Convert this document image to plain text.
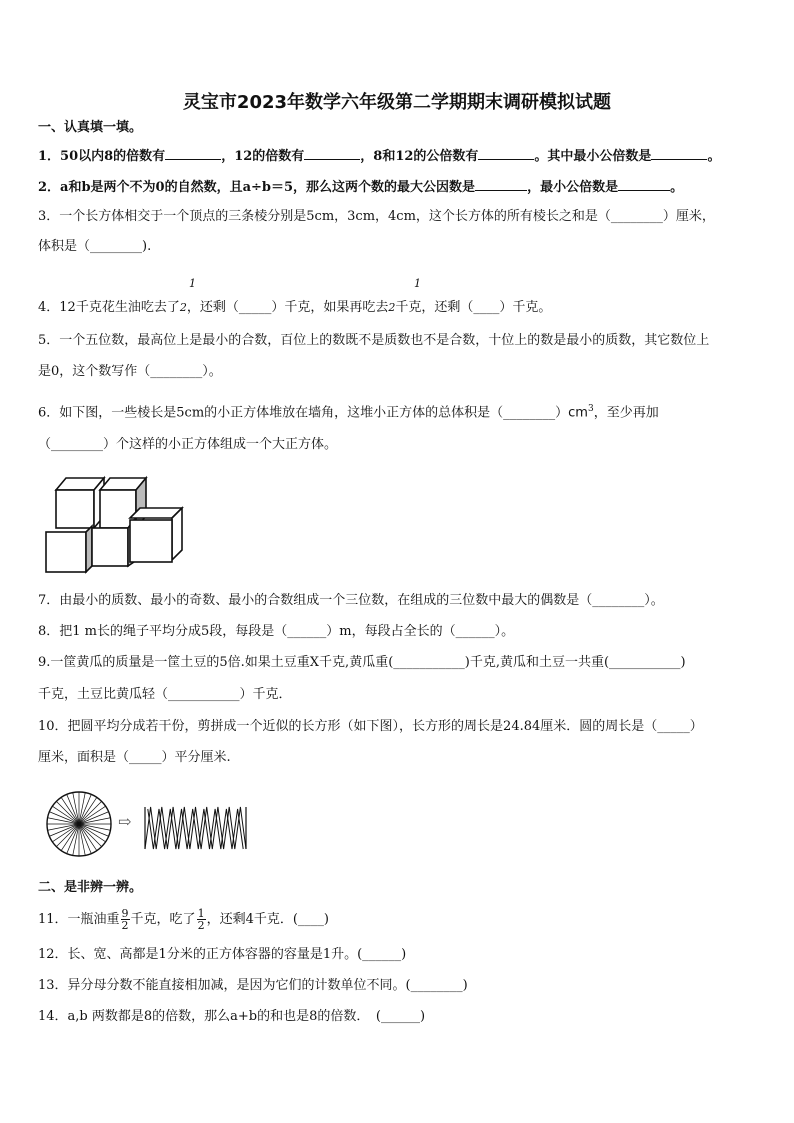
灵宝市2023年数学六年级第二学期期末调研模拟试题
一、认真填一填。
1．50以内8的倍数有	，12的倍数有	，8和12的公倍数有	。其中最小公倍数是	。
2．a和b是两个不为0的自然数，且a÷b＝5，那么这两个数的最大公因数是	，最小公倍数是	。
3．一个长方体相交于一个顶点的三条棱分别是5cm，3cm，4cm，这个长方体的所有棱长之和是（________）厘米，
体积是（________).
1	1
4．12千克花生油吃去了2，还剩（_____）千克，如果再吃去2千克，还剩（____）千克。
5．一个五位数，最高位上是最小的合数，百位上的数既不是质数也不是合数，十位上的数是最小的质数，其它数位上
是0，这个数写作（________）。
6．如下图，一些棱长是5cm的小正方体堆放在墙角，这堆小正方体的总体积是$(\_\_\_\_\_\_\_\_)cm^3$，至少再加
（________）个这样的小正方体组成一个大正方体。
7．由最小的质数、最小的奇数、最小的合数组成一个三位数，在组成的三位数中最大的偶数是（________）。
8．把1 m长的绳子平均分成5段，每段是（______）m，每段占全长的（______）。
9.一筐黄瓜的质量是一筐土豆的5倍.如果土豆重X千克,黄瓜重(___________)千克,黄瓜和土豆一共重(___________)
千克，土豆比黄瓜轻（___________）千克．
10．把圆平均分成若干份，剪拼成一个近似的长方形（如下图），长方形的周长是24.84厘米．圆的周长是（_____）
厘米，面积是（_____）平分厘米.
⇨
二、是非辨一辨。
11．一瓶油重 $\frac{9}{2}$ 千克，吃了 $\frac{1}{2}$ ，还剩4千克．(____)
12．长、宽、高都是1分米的正方体容器的容量是1升。(______)
13．异分母分数不能直接相加减，是因为它们的计数单位不同。(________)
14．a,b 两数都是8的倍数，那么a+b的和也是8的倍数．　(______)
